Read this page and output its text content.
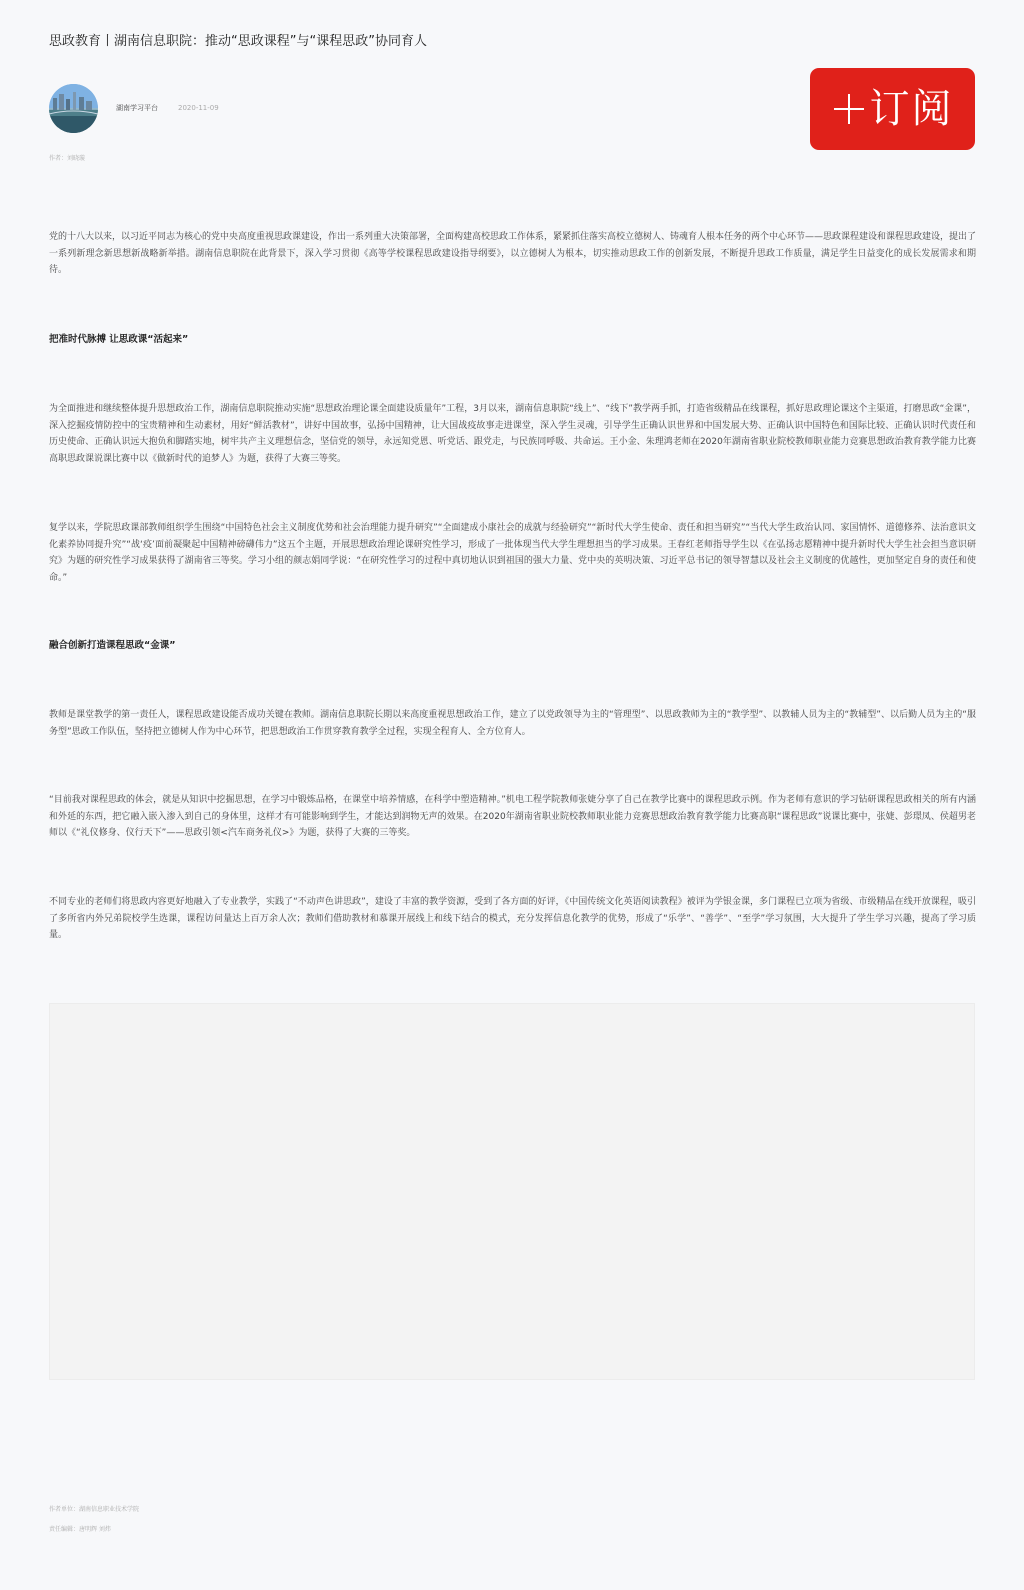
思政教育丨湖南信息职院：推动“思政课程”与“课程思政”协同育人
湖南学习平台	2020-11-09
作者：刘晓璇
订阅
党的十八大以来，以习近平同志为核心的党中央高度重视思政课建设，作出一系列重大决策部署，全面构建高校思政工作体系，紧紧抓住落实高校立德树人、铸魂育人根本任务的两个中心环节——思政课程建设和课程思政建设，提出了一系列新理念新思想新战略新举措。湖南信息职院在此背景下，深入学习贯彻《高等学校课程思政建设指导纲要》，以立德树人为根本，切实推动思政工作的创新发展，不断提升思政工作质量，满足学生日益变化的成长发展需求和期待。
把准时代脉搏 让思政课“活起来”
为全面推进和继续整体提升思想政治工作，湖南信息职院推动实施“思想政治理论课全面建设质量年”工程，3月以来，湖南信息职院“线上”、“线下”教学两手抓，打造省级精品在线课程，抓好思政理论课这个主渠道，打磨思政“金课”，深入挖掘疫情防控中的宝贵精神和生动素材，用好“鲜活教材”，讲好中国故事，弘扬中国精神，让大国战疫故事走进课堂，深入学生灵魂，引导学生正确认识世界和中国发展大势、正确认识中国特色和国际比较、正确认识时代责任和历史使命、正确认识远大抱负和脚踏实地，树牢共产主义理想信念，坚信党的领导，永远知党恩、听党话、跟党走，与民族同呼吸、共命运。王小金、朱理鸿老师在2020年湖南省职业院校教师职业能力竞赛思想政治教育教学能力比赛高职思政课说课比赛中以《做新时代的追梦人》为题，获得了大赛三等奖。
复学以来，学院思政课部教师组织学生围绕“中国特色社会主义制度优势和社会治理能力提升研究”“全面建成小康社会的成就与经验研究”“新时代大学生使命、责任和担当研究”“当代大学生政治认同、家国情怀、道德修养、法治意识文化素养协同提升究”“战‘疫’面前凝聚起中国精神磅礴伟力”这五个主题，开展思想政治理论课研究性学习，形成了一批体现当代大学生理想担当的学习成果。王春红老师指导学生以《在弘扬志愿精神中提升新时代大学生社会担当意识研究》为题的研究性学习成果获得了湖南省三等奖。学习小组的颜志娟同学说：“在研究性学习的过程中真切地认识到祖国的强大力量、党中央的英明决策、习近平总书记的领导智慧以及社会主义制度的优越性，更加坚定自身的责任和使命。”
融合创新打造课程思政“金课”
教师是课堂教学的第一责任人，课程思政建设能否成功关键在教师。湖南信息职院长期以来高度重视思想政治工作，建立了以党政领导为主的“管理型”、以思政教师为主的“教学型”、以教辅人员为主的“教辅型”、以后勤人员为主的“服务型”思政工作队伍，坚持把立德树人作为中心环节，把思想政治工作贯穿教育教学全过程，实现全程育人、全方位育人。
“目前我对课程思政的体会，就是从知识中挖掘思想，在学习中锻炼品格，在课堂中培养情感，在科学中塑造精神。”机电工程学院教师张婕分享了自己在教学比赛中的课程思政示例。作为老师有意识的学习钻研课程思政相关的所有内涵和外延的东西，把它融入嵌入渗入到自己的身体里，这样才有可能影响到学生，才能达到润物无声的效果。在2020年湖南省职业院校教师职业能力竞赛思想政治教育教学能力比赛高职“课程思政”说课比赛中，张婕、彭璟凤、侯超男老师以《“礼仪修身、仪行天下”——思政引领<汽车商务礼仪>》为题，获得了大赛的三等奖。
不同专业的老师们将思政内容更好地融入了专业教学，实践了“不动声色讲思政”，建设了丰富的教学资源，受到了各方面的好评，《中国传统文化英语阅读教程》被评为学银金课，多门课程已立项为省级、市级精品在线开放课程，吸引了多所省内外兄弟院校学生选课，课程访问量达上百万余人次；教师们借助教材和慕课开展线上和线下结合的模式，充分发挥信息化教学的优势，形成了“乐学”、“善学”、“至学”学习氛围，大大提升了学生学习兴趣，提高了学习质量。
作者单位：湖南信息职业技术学院
责任编辑：唐明辉 刘炜
